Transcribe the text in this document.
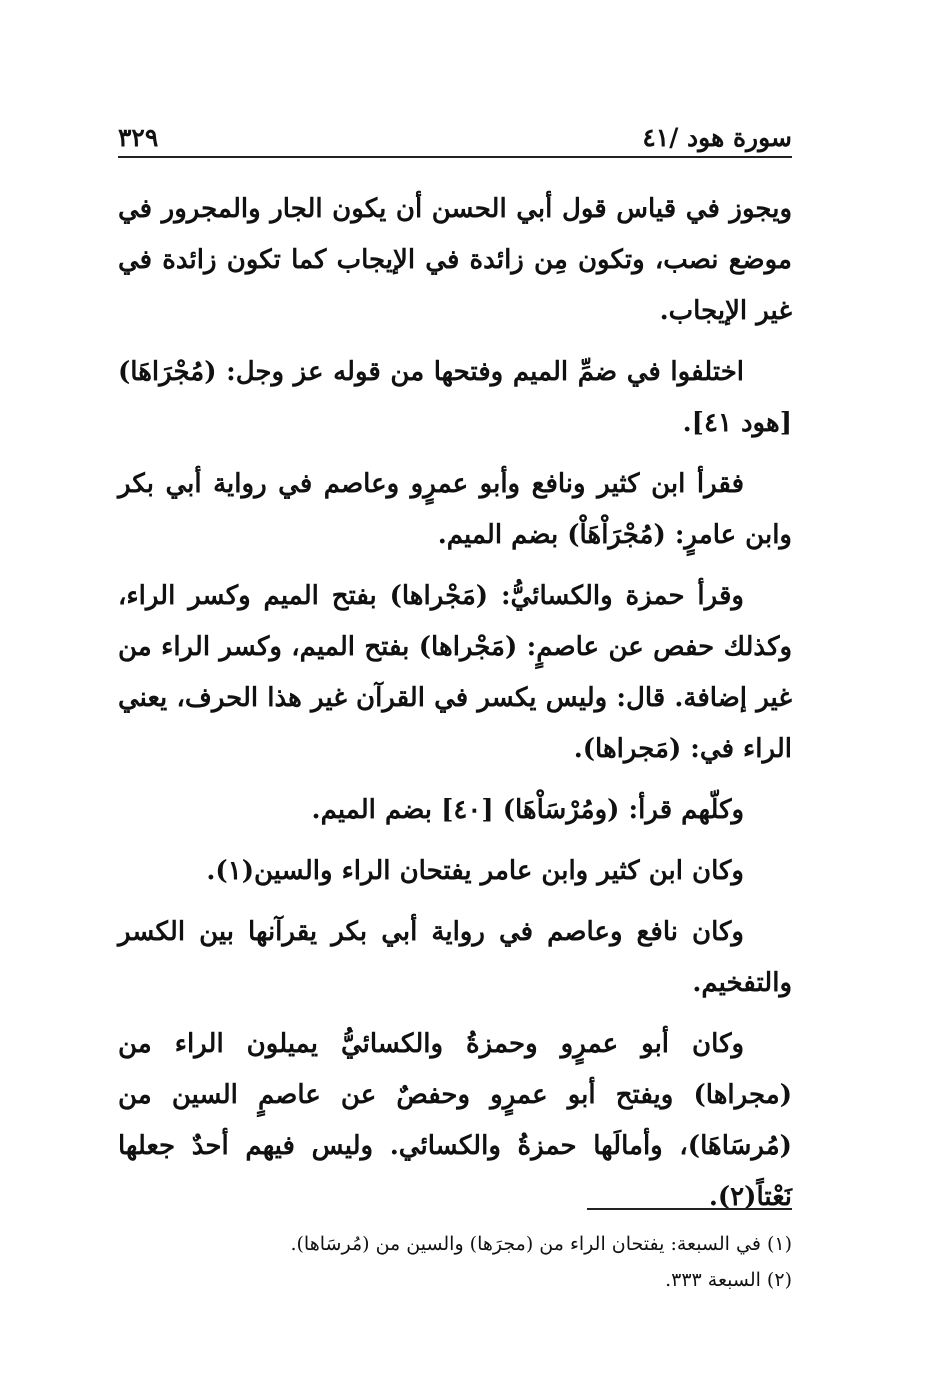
٣٢٩	سورة هود /٤١

ويجوز في قياس قول أبي الحسن أن يكون الجار والمجرور في موضع نصب، وتكون مِن زائدة في الإيجاب كما تكون زائدة في غير الإيجاب.

اختلفوا في ضمِّ الميم وفتحها من قوله عز وجل: (مُجْرَاهَا) [هود ٤١].

فقرأ ابن كثير ونافع وأبو عمرٍو وعاصم في رواية أبي بكر وابن عامرٍ: (مُجْرَاْهَاْ) بضم الميم.

وقرأ حمزة والكسائيُّ: (مَجْراها) بفتح الميم وكسر الراء، وكذلك حفص عن عاصمٍ: (مَجْراها) بفتح الميم، وكسر الراء من غير إضافة. قال: وليس يكسر في القرآن غير هذا الحرف، يعني الراء في: (مَجراها).

وكلّهم قرأ: (ومُرْسَاْهَا) [٤٠] بضم الميم.

وكان ابن كثير وابن عامر يفتحان الراء والسين(١).

وكان نافع وعاصم في رواية أبي بكر يقرآنها بين الكسر والتفخيم.

وكان أبو عمرٍو وحمزةُ والكسائيُّ يميلون الراء من (مجراها) ويفتح أبو عمرٍو وحفصٌ عن عاصمٍ السين من (مُرسَاهَا)، وأمالَها حمزةُ والكسائي. وليس فيهم أحدٌ جعلها نَعْتاً(٢).

(١) في السبعة: يفتحان الراء من (مجرَها) والسين من (مُرسَاها).

(٢) السبعة ٣٣٣.
